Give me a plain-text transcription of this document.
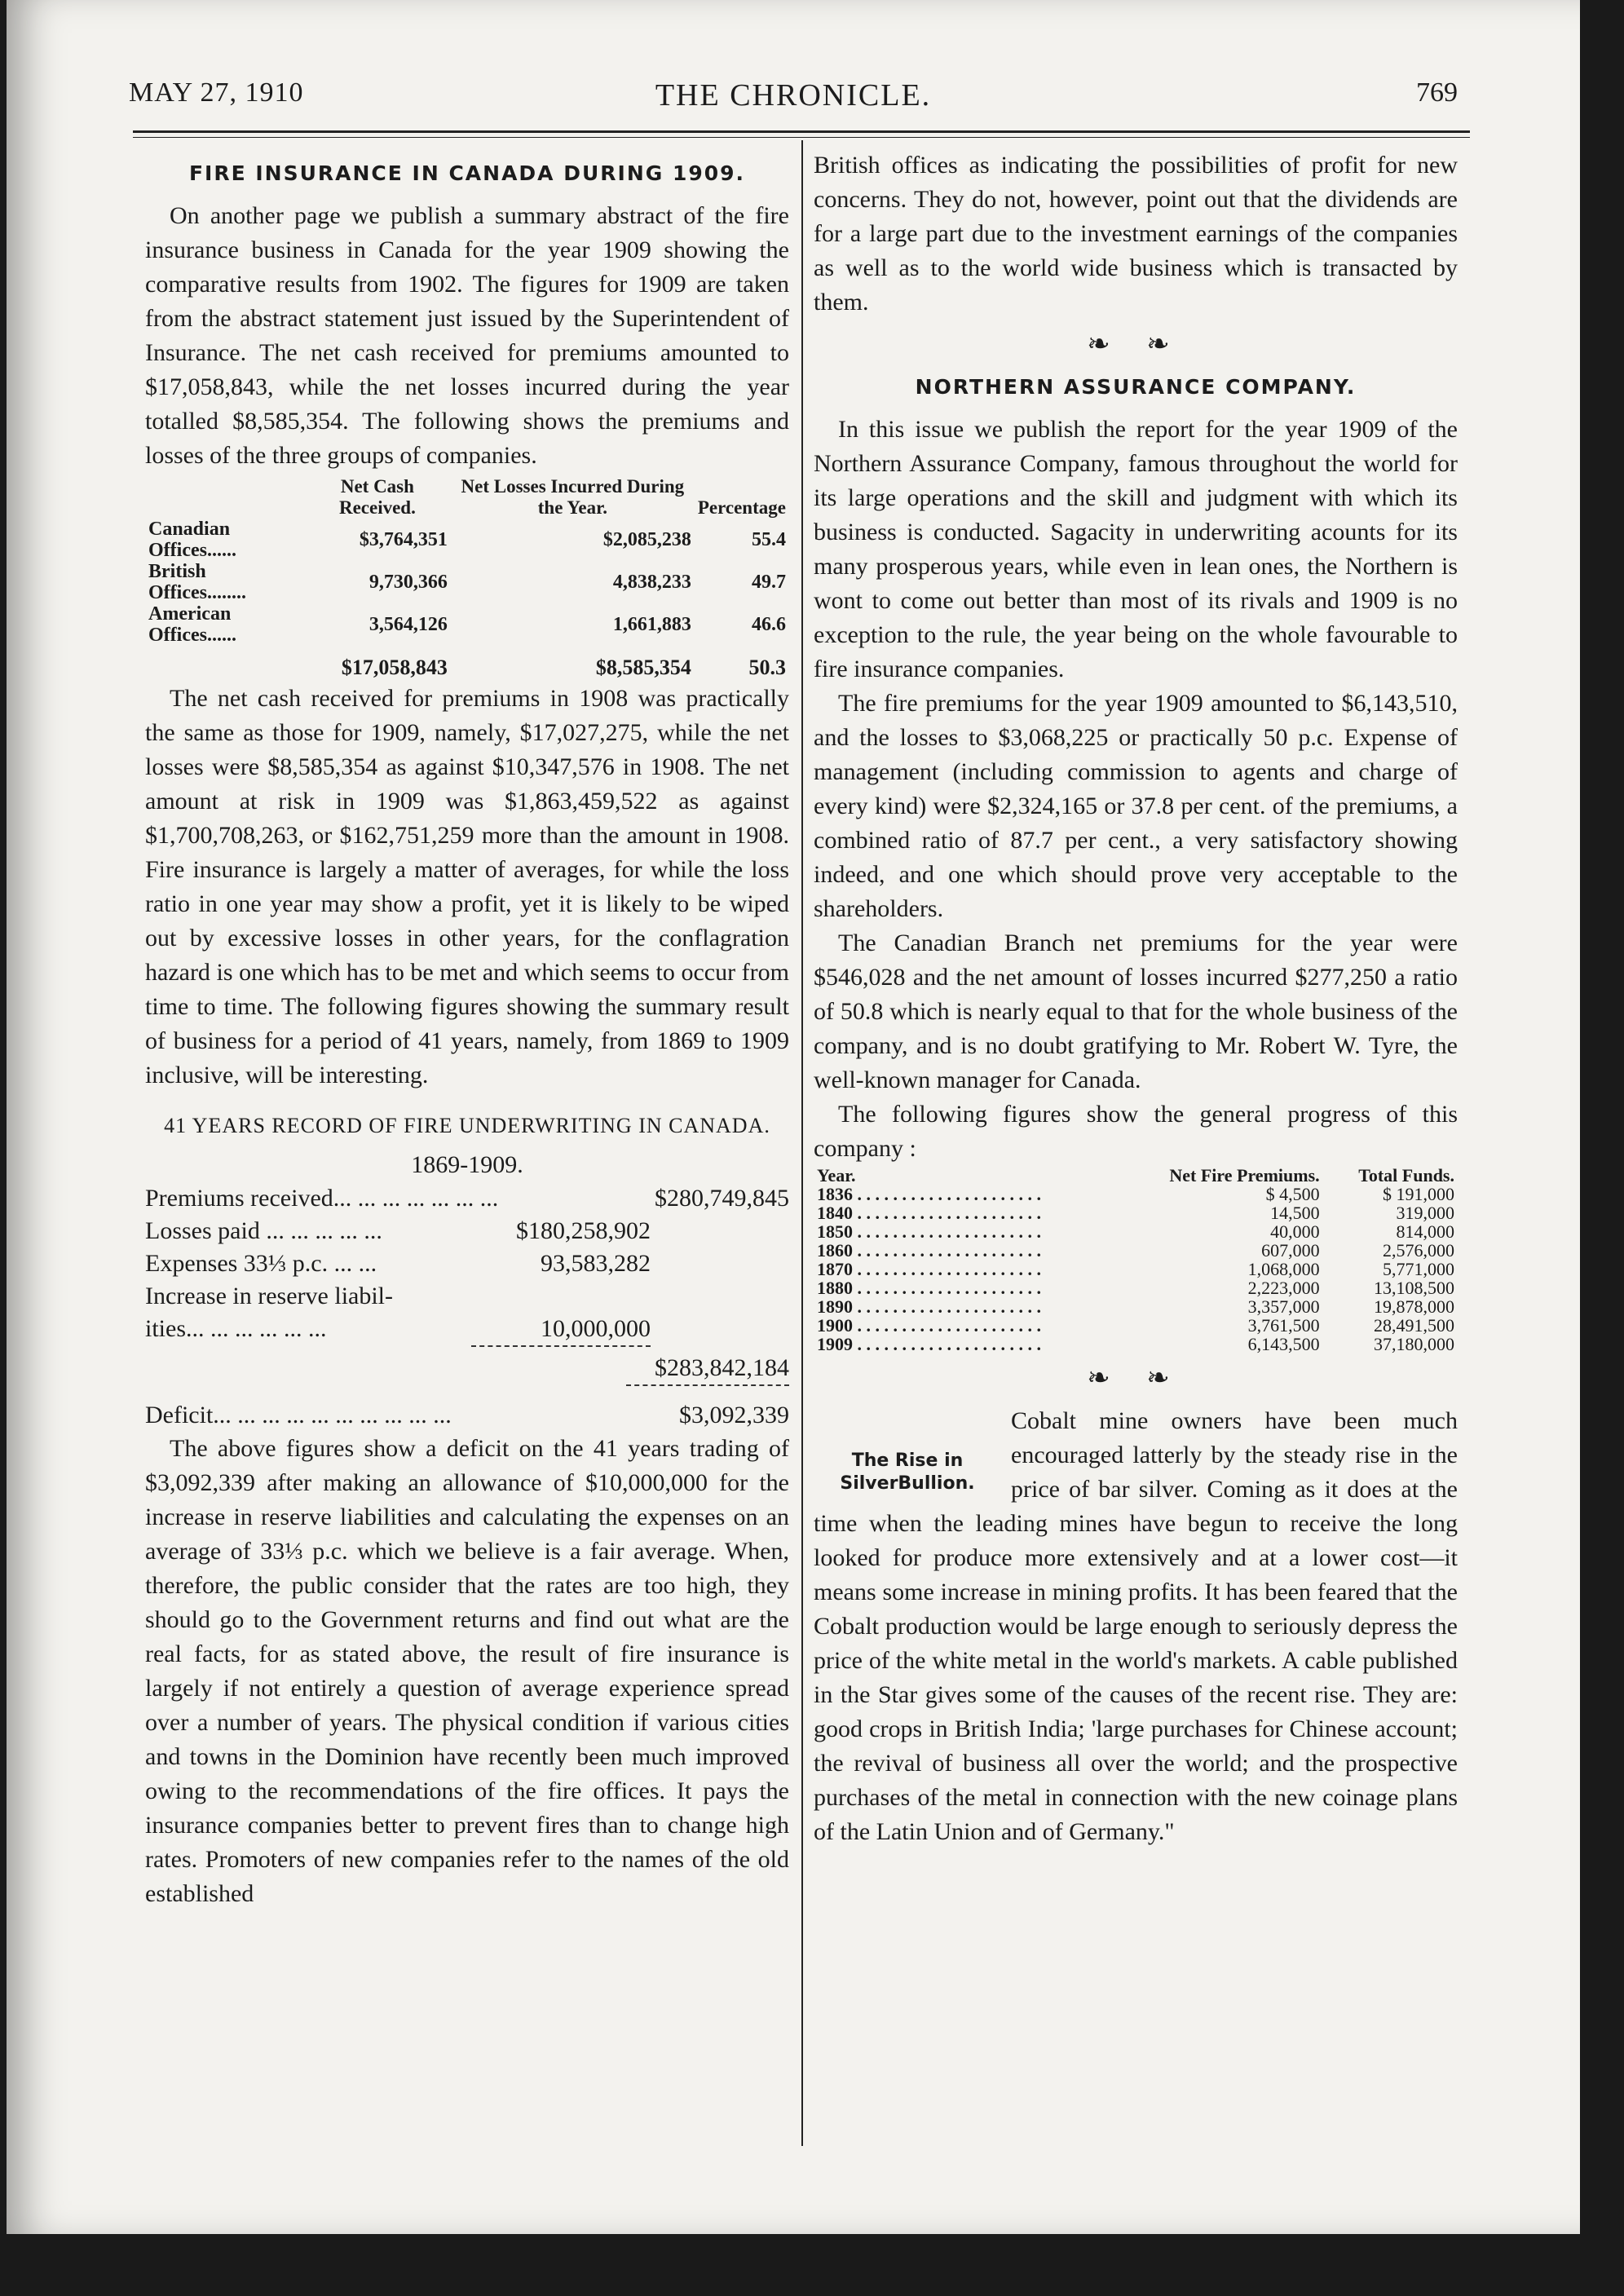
THE CHRONICLE.
MAY 27, 1910	769
FIRE INSURANCE IN CANADA DURING 1909.

On another page we publish a summary abstract of the fire insurance business in Canada for the year 1909 showing the comparative results from 1902. The figures for 1909 are taken from the abstract statement just issued by the Superintendent of Insurance. The net cash received for premiums amounted to $17,058,843, while the net losses incurred during the year totalled $8,585,354. The following shows the premiums and losses of the three groups of companies.

	Net Cash Received.	Net Losses Incurred During the Year.	Percentage
Canadian Offices......	$3,764,351	$2,085,238	55.4
British Offices........	9,730,366	4,838,233	49.7
American Offices......	3,564,126	1,661,883	46.6
	$17,058,843	$8,585,354	50.3

The net cash received for premiums in 1908 was practically the same as those for 1909, namely, $17,027,275, while the net losses were $8,585,354 as against $10,347,576 in 1908. The net amount at risk in 1909 was $1,863,459,522 as against $1,700,708,263, or $162,751,259 more than the amount in 1908. Fire insurance is largely a matter of averages, for while the loss ratio in one year may show a profit, yet it is likely to be wiped out by excessive losses in other years, for the conflagration hazard is one which has to be met and which seems to occur from time to time. The following figures showing the summary result of business for a period of 41 years, namely, from 1869 to 1909 inclusive, will be interesting.

41 YEARS RECORD OF FIRE UNDERWRITING IN CANADA.
1869-1909.
Premiums received... ... ... ... ... ... ...	$280,749,845
Losses paid ... ... ... ... ...	$180,258,902
Expenses 33⅓ p.c. ... ...	93,583,282
Increase in reserve liabil-
ities... ... ... ... ... ...	10,000,000
$283,842,184
Deficit... ... ... ... ... ... ... ... ... ...	$3,092,339

The above figures show a deficit on the 41 years trading of $3,092,339 after making an allowance of $10,000,000 for the increase in reserve liabilities and calculating the expenses on an average of 33⅓ p.c. which we believe is a fair average. When, therefore, the public consider that the rates are too high, they should go to the Government returns and find out what are the real facts, for as stated above, the result of fire insurance is largely if not entirely a question of average experience spread over a number of years. The physical condition if various cities and towns in the Dominion have recently been much improved owing to the recommendations of the fire offices. It pays the insurance companies better to prevent fires than to change high rates. Promoters of new companies refer to the names of the old established

British offices as indicating the possibilities of profit for new concerns. They do not, however, point out that the dividends are for a large part due to the investment earnings of the companies as well as to the world wide business which is transacted by them.

❧ ❧
NORTHERN ASSURANCE COMPANY.

In this issue we publish the report for the year 1909 of the Northern Assurance Company, famous throughout the world for its large operations and the skill and judgment with which its business is conducted. Sagacity in underwriting acounts for its many prosperous years, while even in lean ones, the Northern is wont to come out better than most of its rivals and 1909 is no exception to the rule, the year being on the whole favourable to fire insurance companies.

The fire premiums for the year 1909 amounted to $6,143,510, and the losses to $3,068,225 or practically 50 p.c. Expense of management (including commission to agents and charge of every kind) were $2,324,165 or 37.8 per cent. of the premiums, a combined ratio of 87.7 per cent., a very satisfactory showing indeed, and one which should prove very acceptable to the shareholders.

The Canadian Branch net premiums for the year were $546,028 and the net amount of losses incurred $277,250 a ratio of 50.8 which is nearly equal to that for the whole business of the company, and is no doubt gratifying to Mr. Robert W. Tyre, the well-known manager for Canada.

The following figures show the general progress of this company :

Year.	Net Fire Premiums.	Total Funds.
1836 . . . . . . . . . . . . . . . . . . . . .	$ 4,500	$ 191,000
1840 . . . . . . . . . . . . . . . . . . . . .	14,500	319,000
1850 . . . . . . . . . . . . . . . . . . . . .	40,000	814,000
1860 . . . . . . . . . . . . . . . . . . . . .	607,000	2,576,000
1870 . . . . . . . . . . . . . . . . . . . . .	1,068,000	5,771,000
1880 . . . . . . . . . . . . . . . . . . . . .	2,223,000	13,108,500
1890 . . . . . . . . . . . . . . . . . . . . .	3,357,000	19,878,000
1900 . . . . . . . . . . . . . . . . . . . . .	3,761,500	28,491,500
1909 . . . . . . . . . . . . . . . . . . . . .	6,143,500	37,180,000
❧ ❧
The Rise in SilverBullion.

Cobalt mine owners have been much encouraged latterly by the steady rise in the price of bar silver. Coming as it does at the time when the leading mines have begun to receive the long looked for produce more extensively and at a lower cost—it means some increase in mining profits. It has been feared that the Cobalt production would be large enough to seriously depress the price of the white metal in the world's markets. A cable published in the Star gives some of the causes of the recent rise. They are: good crops in British India; 'large purchases for Chinese account; the revival of business all over the world; and the prospective purchases of the metal in connection with the new coinage plans of the Latin Union and of Germany."
